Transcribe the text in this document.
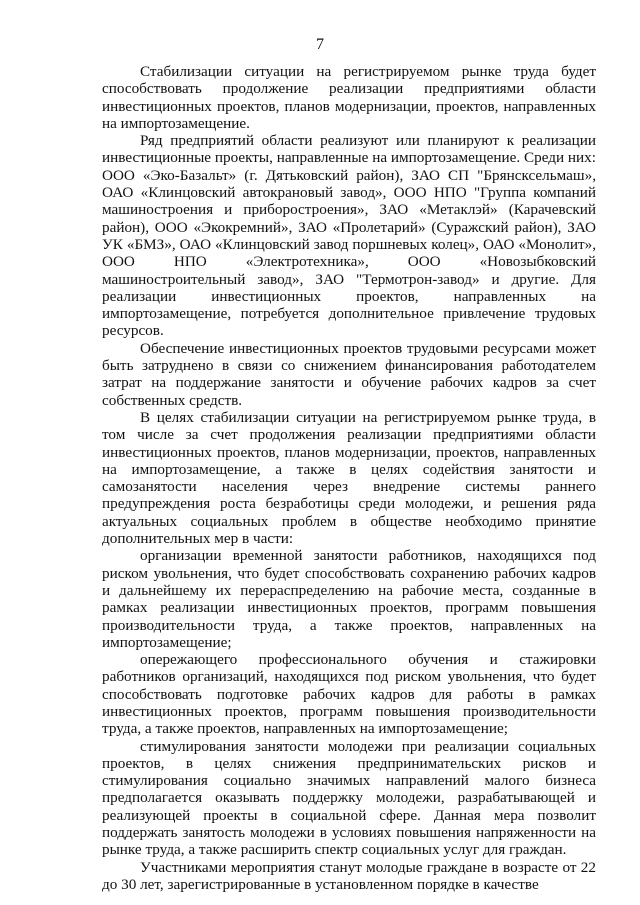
7

Стабилизации ситуации на регистрируемом рынке труда будет способствовать продолжение реализации предприятиями области инвестиционных проектов, планов модернизации, проектов, направленных на импортозамещение.

Ряд предприятий области реализуют или планируют к реализации инвестиционные проекты, направленные на импортозамещение. Среди них: ООО «Эко-Базальт» (г. Дятьковский район), ЗАО СП "Брянсксельмаш», ОАО «Клинцовский автокрановый завод», ООО НПО "Группа компаний машиностроения и приборостроения», ЗАО «Метаклэй» (Карачевский район), ООО «Экокремний», ЗАО «Пролетарий» (Суражский район), ЗАО УК «БМЗ», ОАО «Клинцовский завод поршневых колец», ОАО «Монолит», ООО НПО «Электротехника», ООО «Новозыбковский машиностроительный завод», ЗАО "Термотрон-завод» и другие. Для реализации инвестиционных проектов, направленных на импортозамещение, потребуется дополнительное привлечение трудовых ресурсов.

Обеспечение инвестиционных проектов трудовыми ресурсами может быть затруднено в связи со снижением финансирования работодателем затрат на поддержание занятости и обучение рабочих кадров за счет собственных средств.

В целях стабилизации ситуации на регистрируемом рынке труда, в том числе за счет продолжения реализации предприятиями области инвестиционных проектов, планов модернизации, проектов, направленных на импортозамещение, а также в целях содействия занятости и самозанятости населения через внедрение системы раннего предупреждения роста безработицы среди молодежи, и решения ряда актуальных социальных проблем в обществе необходимо принятие дополнительных мер в части:

организации временной занятости работников, находящихся под риском увольнения, что будет способствовать сохранению рабочих кадров и дальнейшему их перераспределению на рабочие места, созданные в рамках реализации инвестиционных проектов, программ повышения производительности труда, а также проектов, направленных на импортозамещение;

опережающего профессионального обучения и стажировки работников организаций, находящихся под риском увольнения, что будет способствовать подготовке рабочих кадров для работы в рамках инвестиционных проектов, программ повышения производительности труда, а также проектов, направленных на импортозамещение;

стимулирования занятости молодежи при реализации социальных проектов, в целях снижения предпринимательских рисков и стимулирования социально значимых направлений малого бизнеса предполагается оказывать поддержку молодежи, разрабатывающей и реализующей проекты в социальной сфере. Данная мера позволит поддержать занятость молодежи в условиях повышения напряженности на рынке труда, а также расширить спектр социальных услуг для граждан.

Участниками мероприятия станут молодые граждане в возрасте от 22 до 30 лет, зарегистрированные в установленном порядке в качестве
